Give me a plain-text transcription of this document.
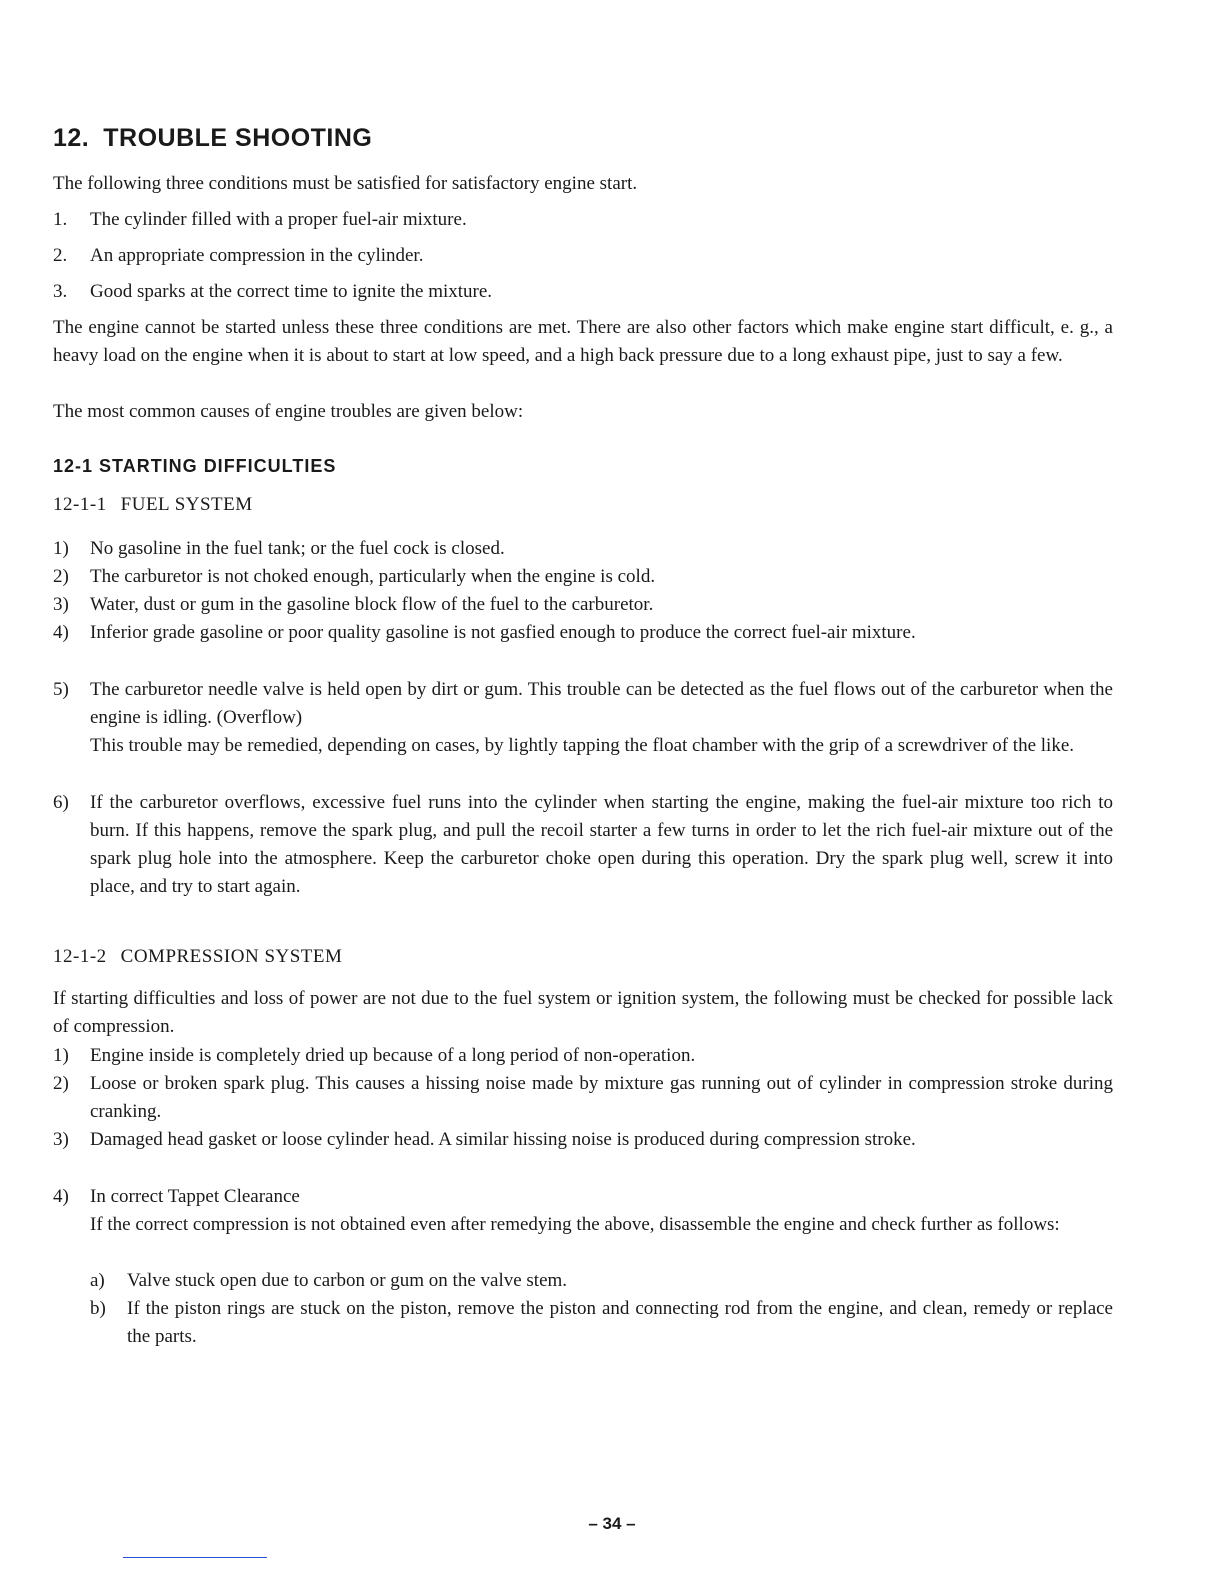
12. TROUBLE SHOOTING

The following three conditions must be satisfied for satisfactory engine start.

1. The cylinder filled with a proper fuel-air mixture.
2. An appropriate compression in the cylinder.
3. Good sparks at the correct time to ignite the mixture.

The engine cannot be started unless these three conditions are met. There are also other factors which make engine start difficult, e. g., a heavy load on the engine when it is about to start at low speed, and a high back pressure due to a long exhaust pipe, just to say a few.

The most common causes of engine troubles are given below:

12-1 STARTING DIFFICULTIES
12-1-1 FUEL SYSTEM
1) No gasoline in the fuel tank; or the fuel cock is closed.
2) The carburetor is not choked enough, particularly when the engine is cold.
3) Water, dust or gum in the gasoline block flow of the fuel to the carburetor.
4) Inferior grade gasoline or poor quality gasoline is not gasfied enough to produce the correct fuel-air mixture.
5) The carburetor needle valve is held open by dirt or gum. This trouble can be detected as the fuel flows out of the carburetor when the engine is idling. (Overflow)
This trouble may be remedied, depending on cases, by lightly tapping the float chamber with the grip of a screwdriver of the like.
6) If the carburetor overflows, excessive fuel runs into the cylinder when starting the engine, making the fuel-air mixture too rich to burn. If this happens, remove the spark plug, and pull the recoil starter a few turns in order to let the rich fuel-air mixture out of the spark plug hole into the atmosphere. Keep the carburetor choke open during this operation. Dry the spark plug well, screw it into place, and try to start again.
12-1-2 COMPRESSION SYSTEM

If starting difficulties and loss of power are not due to the fuel system or ignition system, the following must be checked for possible lack of compression.

1) Engine inside is completely dried up because of a long period of non-operation.
2) Loose or broken spark plug. This causes a hissing noise made by mixture gas running out of cylinder in compression stroke during cranking.
3) Damaged head gasket or loose cylinder head. A similar hissing noise is produced during compression stroke.
4) In correct Tappet Clearance
If the correct compression is not obtained even after remedying the above, disassemble the engine and check further as follows:
a) Valve stuck open due to carbon or gum on the valve stem.
b) If the piston rings are stuck on the piston, remove the piston and connecting rod from the engine, and clean, remedy or replace the parts.
– 34 –
